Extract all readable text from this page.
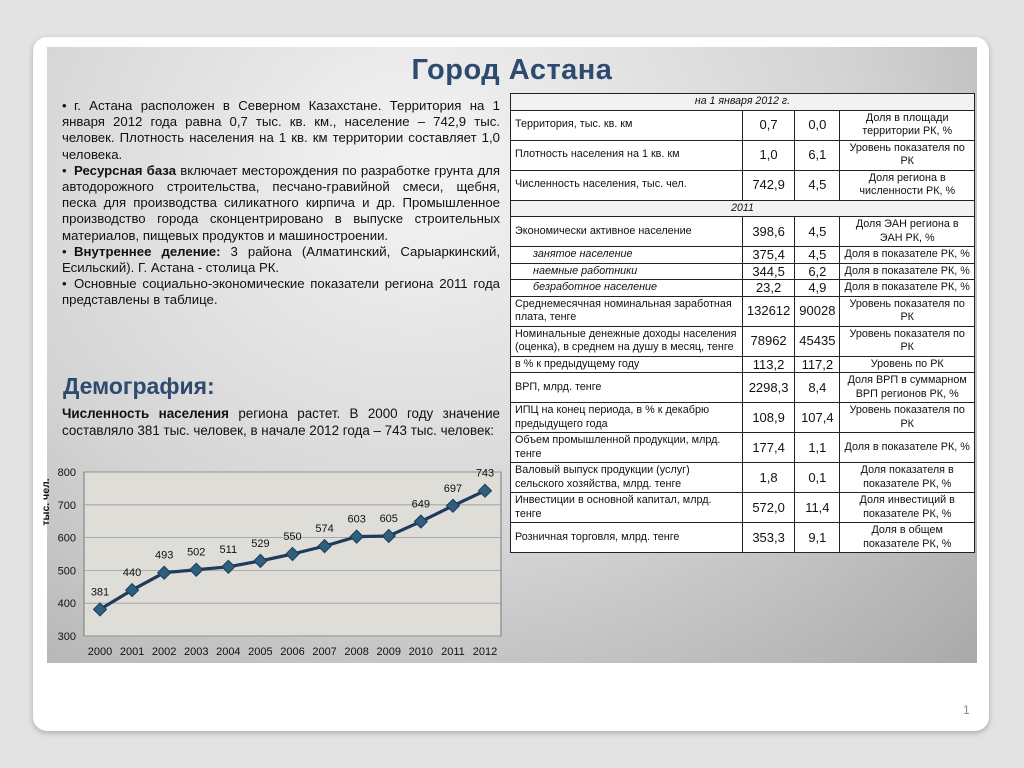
Город Астана

• г. Астана расположен в Северном Казахстане. Территория на 1 января 2012 года равна 0,7 тыс. кв. км., население – 742,9 тыс. человек. Плотность населения на 1 кв. км территории составляет 1,0 человека.

• Ресурсная база включает месторождения по разработке грунта для автодорожного строительства, песчано-гравийной смеси, щебня, песка для производства силикатного кирпича и др. Промышленное производство города сконцентрировано в выпуске строительных материалов, пищевых продуктов и машиностроении.

• Внутреннее деление: 3 района (Алматинский, Сарыаркинский, Есильский). Г. Астана - столица РК.

• Основные социально-экономические показатели региона 2011 года представлены в таблице.

Демография:
Численность населения региона растет. В 2000 году значение составляло 381 тыс. человек, в начале 2012 года – 743 тыс. человек:
300
400
500
600
700
800
2000 2001 2002 2003 2004 2005 2006 2007 2008 2009 2010 2011 2012
тыс. чел.
381
440
493 502 511 529
550
574
603 605
649
697
743
на 1 января 2012 г.			
Территория, тыс. кв. км	0,7	0,0	Доля в площади территории РК, %
Плотность населения на 1 кв. км	1,0	6,1	Уровень показателя по РК
Численность населения, тыс. чел.	742,9	4,5	Доля региона в численности РК, %
2011			
Экономически активное население	398,6	4,5	Доля ЭАН региона в ЭАН РК, %
занятое население	375,4	4,5	Доля в показателе РК, %
наемные работники	344,5	6,2	Доля в показателе РК, %
безработное население	23,2	4,9	Доля в показателе РК, %
Среднемесячная номинальная заработная плата, тенге	132612	90028	Уровень показателя по РК
Номинальные денежные доходы населения (оценка), в среднем на душу в месяц, тенге	78962	45435	Уровень показателя по РК
в % к предыдущему году	113,2	117,2	Уровень по РК
ВРП, млрд. тенге	2298,3	8,4	Доля ВРП в суммарном ВРП регионов РК, %
ИПЦ на конец периода, в % к декабрю предыдущего года	108,9	107,4	Уровень показателя по РК
Объем промышленной продукции, млрд. тенге	177,4	1,1	Доля в показателе РК, %
Валовый выпуск продукции (услуг) сельского хозяйства, млрд. тенге	1,8	0,1	Доля показателя в показателе РК, %
Инвестиции в основной капитал, млрд. тенге	572,0	11,4	Доля инвестиций в показателе РК, %
Розничная торговля, млрд. тенге	353,3	9,1	Доля в общем показателе РК, %
1
